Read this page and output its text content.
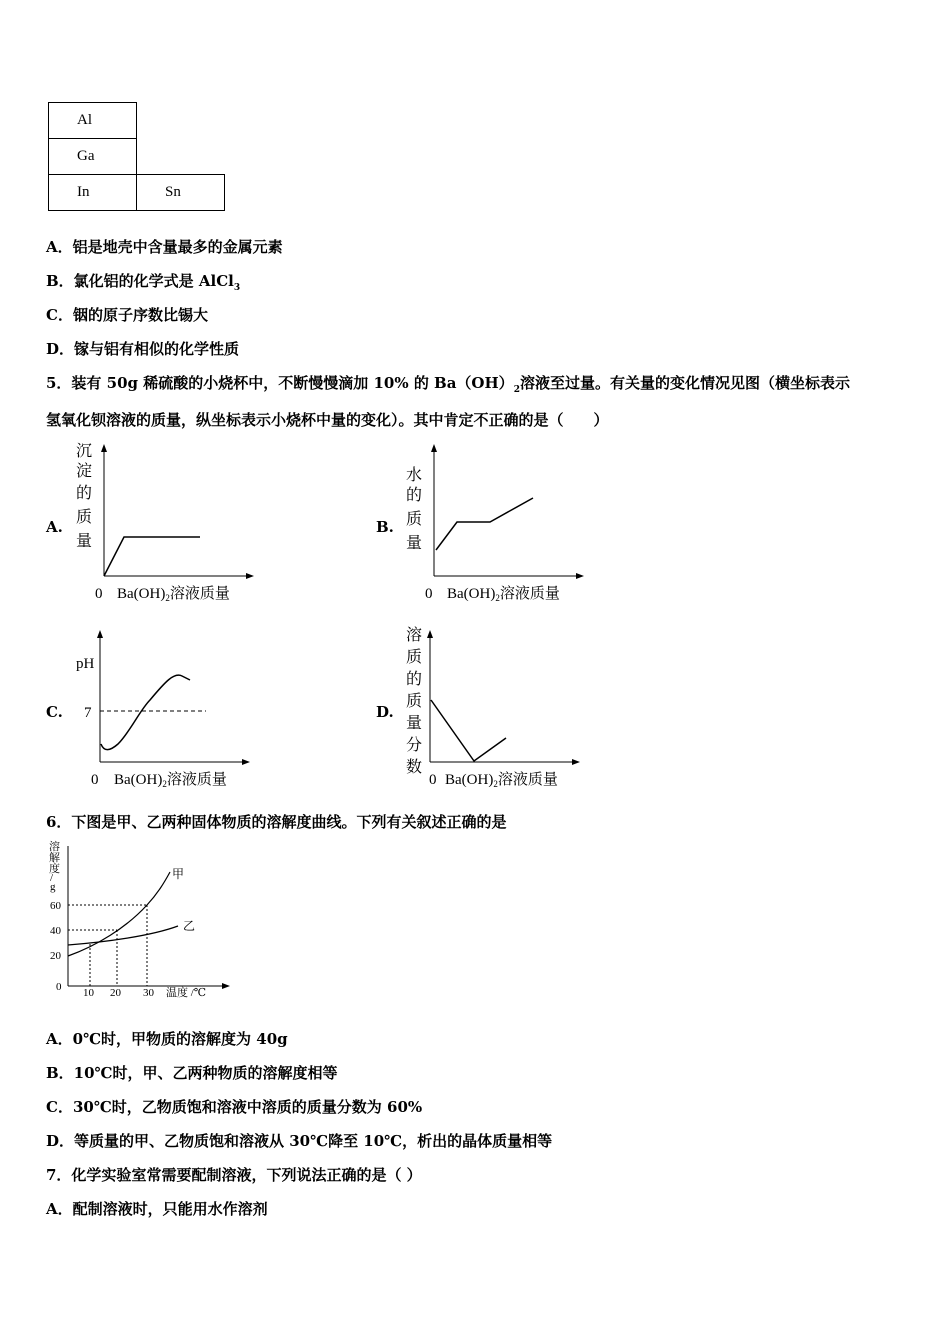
Al	
Ga	
In	Sn
A．铝是地壳中含量最多的金属元素
B．氯化铝的化学式是 AlCl$_3$
C．铟的原子序数比锡大
D．镓与铝有相似的化学性质
5．装有 50g 稀硫酸的小烧杯中，不断慢慢滴加 10% 的 $Ba(OH)_2$溶液至过量。有关量的变化情况见图（横坐标表示
氢氧化钡溶液的质量，纵坐标表示小烧杯中量的变化）。其中肯定不正确的是（　　）
A.
沉
淀
的
质
量
0 $Ba(OH)_2$溶液质量
B.
水
的
质
量
0 $Ba(OH)_2$溶液质量
C.
pH
7
0 $Ba(OH)_2$溶液质量
D.
溶
质
的
质
量
分
数
0 $Ba(OH)_2$溶液质量
6．下图是甲、乙两种固体物质的溶解度曲线。下列有关叙述正确的是
溶
解
度
/
g
60
40
20
0 10 20 30 温度 /℃
甲
乙
A．0℃时，甲物质的溶解度为 40g
B．10℃时，甲、乙两种物质的溶解度相等
C．30℃时，乙物质饱和溶液中溶质的质量分数为 60%
D．等质量的甲、乙物质饱和溶液从 30℃降至 10℃，析出的晶体质量相等
7．化学实验室常需要配制溶液，下列说法正确的是（ ）
A．配制溶液时，只能用水作溶剂
